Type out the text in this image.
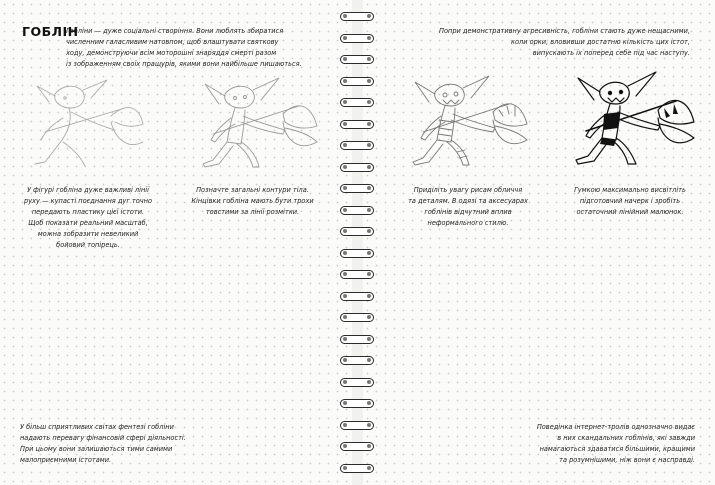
ГОБЛІН
Гобліни — дуже соціальні створіння. Вони люблять збиратися
численним галасливим натовпом, щоб влаштувати святкову
ходу, демонструючи всім моторошні знаряддя смерті разом
із зображенням своїх пращурів, якими вони найбільше пишаються.
Попри демонстративну агресивність, гобліни стають дуже нещасними,
коли орки, вловивши достатню кількість цих істот,
випускають їх поперед себе під час наступу.
У фігурі гобліна дуже важливі лінії
руху — купасті поєднання дуг точно
передають пластику цієї істоти.
Щоб показати реальний масштаб,
можна зобразити невеликий
бойовий топірець.
Позначте загальні контури тіла.
Кінцівки гобліна мають бути трохи
товстими за лінії розмітки.
Приділіть увагу рисам обличчя
та деталям. В одязі та аксесуарах
гоблінів відчутний вплив
неформального стилю.
Гумкою максимально висвітліть
підготовчий начерк і зробіть
остаточний лінійний малюнок.
У більш сприятливих світах фентезі гобліни
надають перевагу фінансовій сфері діяльності.
При цьому вони залишаються тими самими
малоприємними істотами.
Поведінка інтернет-тролів однозначно видає
в них скандальних гоблінів, які завжди
намагаються здаватися більшими, кращими
та розумнішими, ніж вони є насправді.
